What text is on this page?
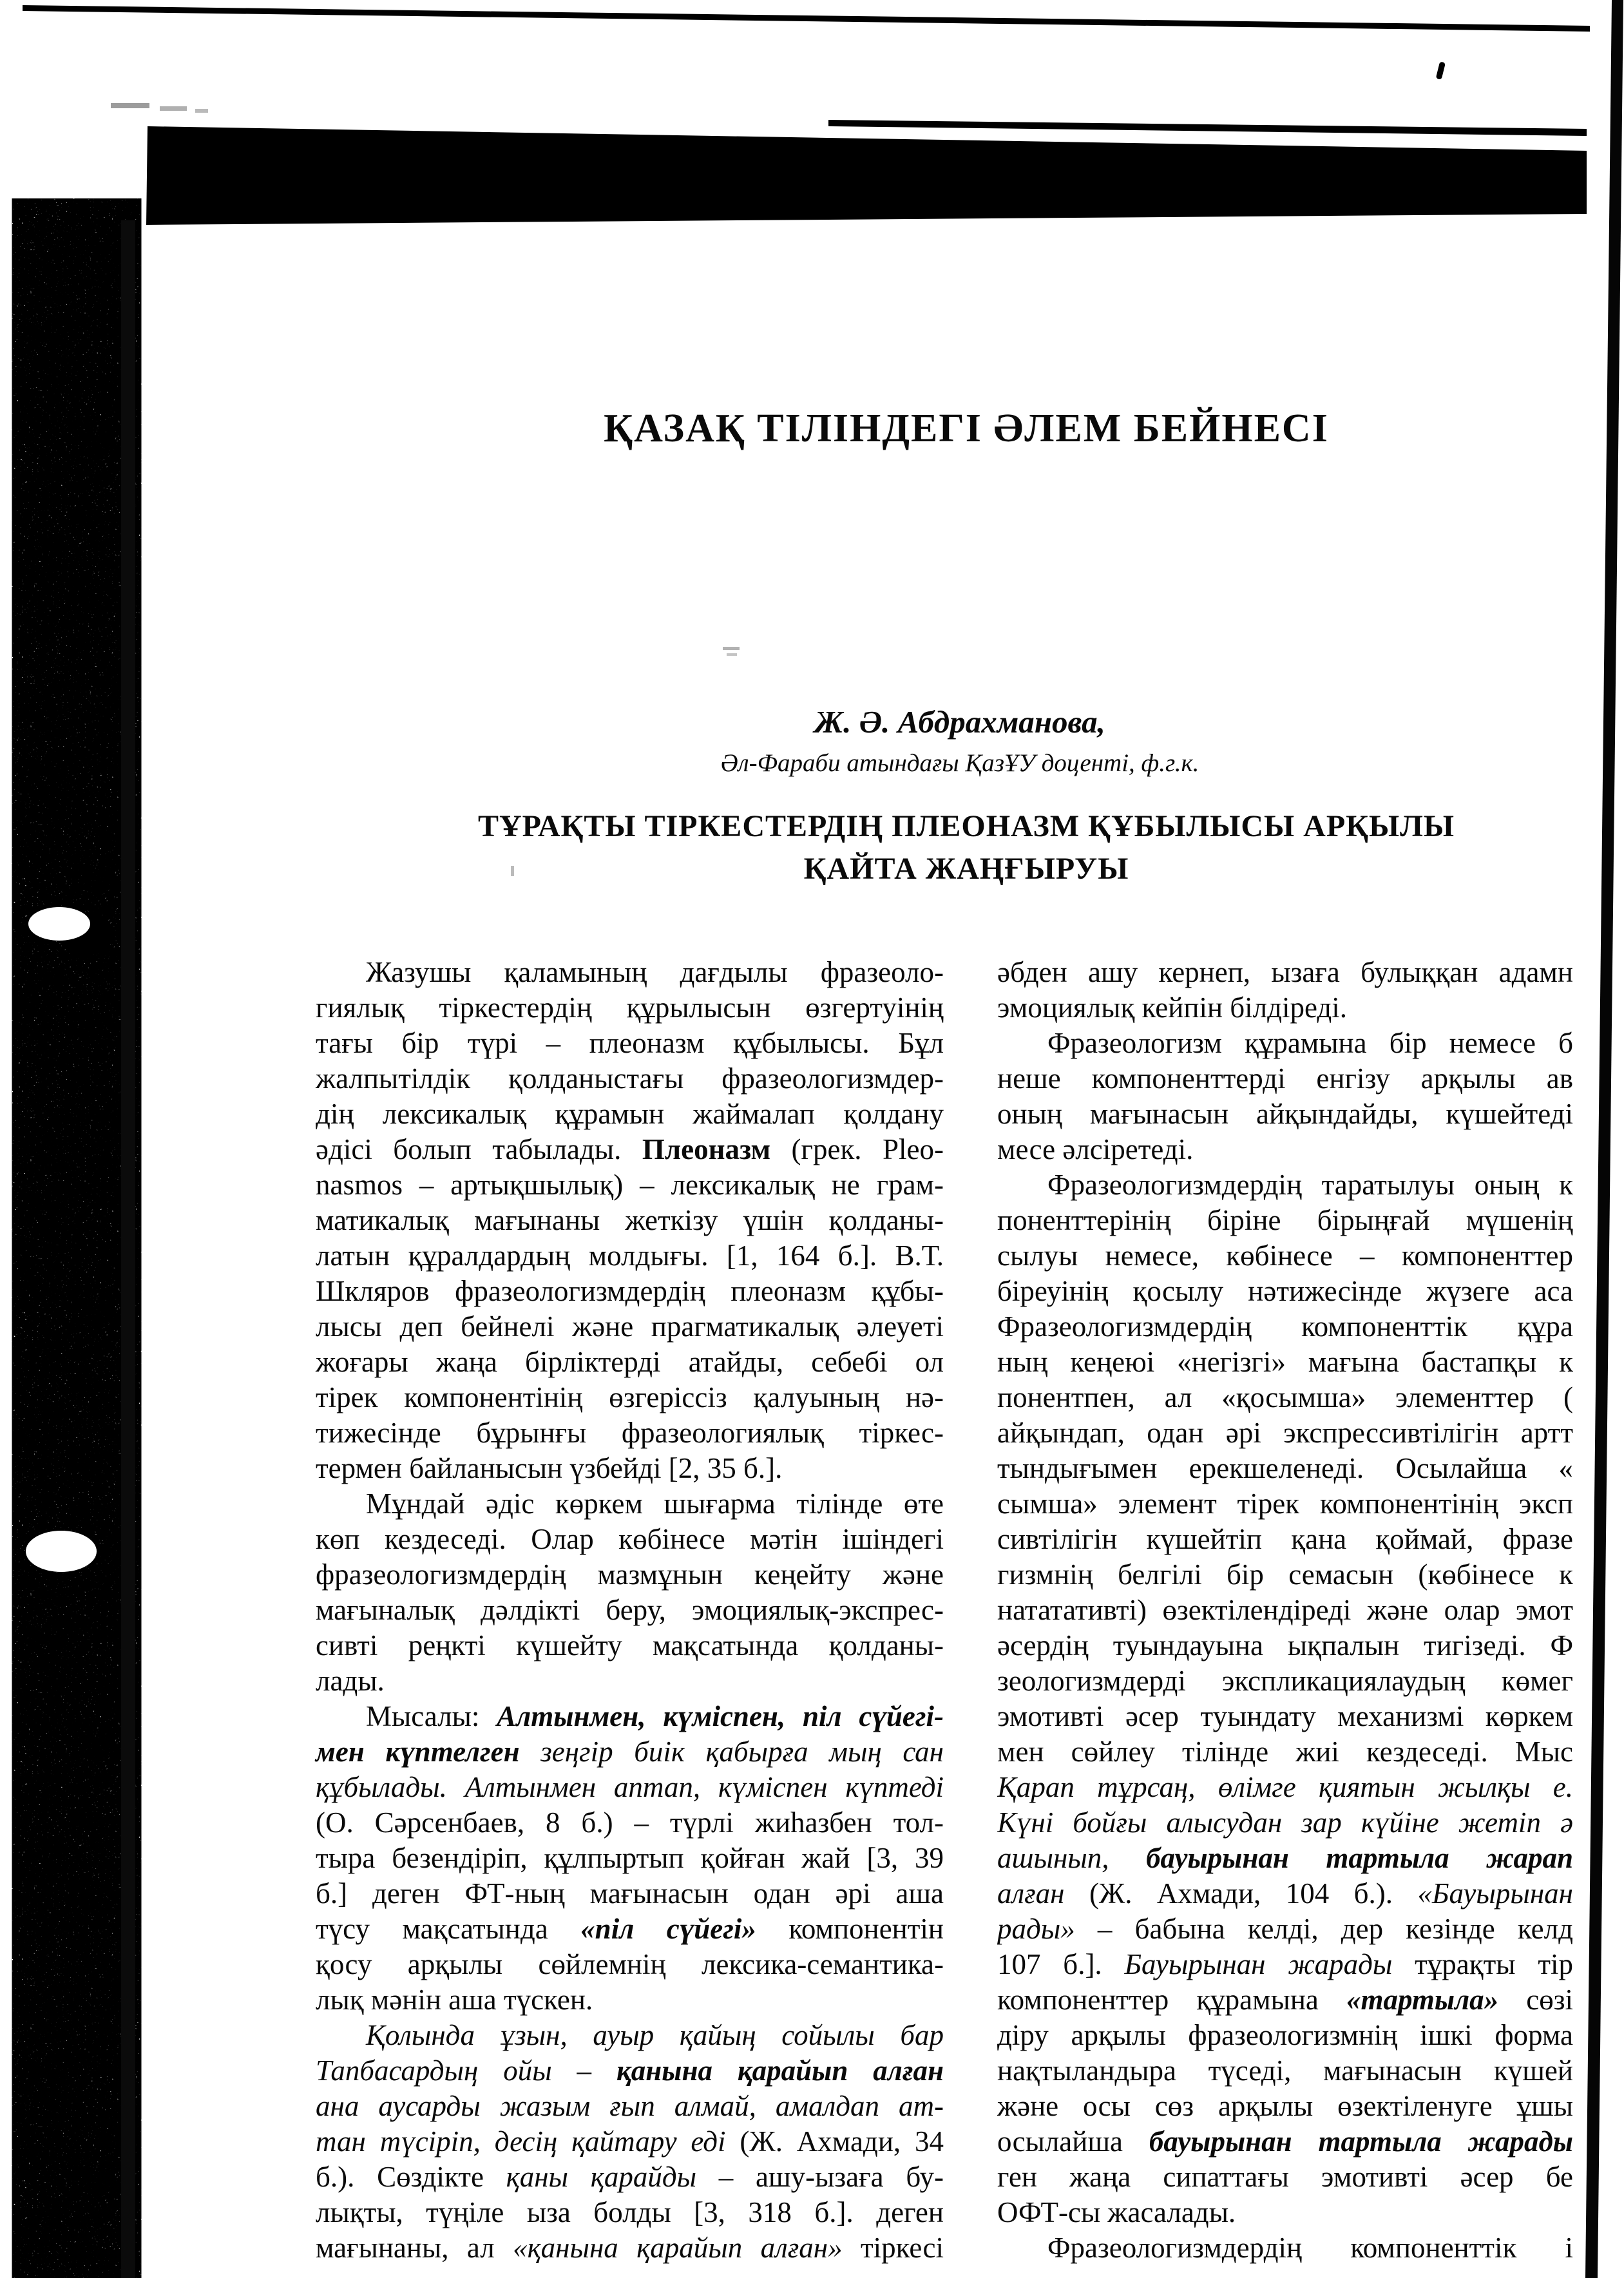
ҚАЗАҚ ТІЛІНДЕГІ ӘЛЕМ БЕЙНЕСІ
Ж. Ә. Абдрахманова,
Әл-Фараби атындағы ҚазҰУ доценті, ф.г.к.
ТҰРАҚТЫ ТІРКЕСТЕРДІҢ ПЛЕОНАЗМ ҚҰБЫЛЫСЫ АРҚЫЛЫ
ҚАЙТА ЖАҢҒЫРУЫ
Жазушы қаламының дағдылы фразеоло-
гиялық тіркестердің құрылысын өзгертуінің
тағы бір түрі – плеоназм құбылысы. Бұл
жалпытілдік қолданыстағы фразеологизмдер-
дің лексикалық құрамын жаймалап қолдану
әдісі болып табылады. Плеоназм (грек. Pleo-
nasmos – артықшылық) – лексикалық не грам-
матикалық мағынаны жеткізу үшін қолданы-
латын құралдардың молдығы. [1, 164 б.]. В.Т.
Шкляров фразеологизмдердің плеоназм құбы-
лысы деп бейнелі және прагматикалық әлеуеті
жоғары жаңа бірліктерді атайды, себебі ол
тірек компонентінің өзгеріссіз қалуының нә-
тижесінде бұрынғы фразеологиялық тіркес-
термен байланысын үзбейді [2, 35 б.].
Мұндай әдіс көркем шығарма тілінде өте
көп кездеседі. Олар көбінесе мәтін ішіндегі
фразеологизмдердің мазмұнын кеңейту және
мағыналық дәлдікті беру, эмоциялық-экспрес-
сивті реңкті күшейту мақсатында қолданы-
лады.
Мысалы: Алтынмен, күміспен, піл сүйегі-
мен күптелген зеңгір биік қабырға мың сан
құбылады. Алтынмен аптап, күміспен күптеді
(О. Сәрсенбаев, 8 б.) – түрлі жиһазбен тол-
тыра безендіріп, құлпыртып қойған жай [3, 39
б.] деген ФТ-ның мағынасын одан әрі аша
түсу мақсатында «піл сүйегі» компонентін
қосу арқылы сөйлемнің лексика-семантика-
лық мәнін аша түскен.
Қолында ұзын, ауыр қайың сойылы бар
Тапбасардың ойы – қанына қарайып алған
ана аусарды жазым ғып алмай, амалдап ат-
тан түсіріп, десің қайтару еді (Ж. Ахмади, 34
б.). Сөздікте қаны қарайды – ашу-ызаға бу-
лықты, түңіле ыза болды [3, 318 б.]. деген
мағынаны, ал «қанына қарайып алған» тіркесі
әбден ашу кернеп, ызаға булыққан адамн
эмоциялық кейпін білдіреді.
Фразеологизм құрамына бір немесе б
неше компоненттерді енгізу арқылы ав
оның мағынасын айқындайды, күшейтеді
месе әлсіретеді.
Фразеологизмдердің таратылуы оның к
поненттерінің біріне бірыңғай мүшенің
сылуы немесе, көбінесе – компоненттер
біреуінің қосылу нәтижесінде жүзеге аса
Фразеологизмдердің компоненттік құра
ның кеңеюі «негізгі» мағына бастапқы к
понентпен, ал «қосымша» элементтер (
айқындап, одан әрі экспрессивтілігін артт
тындығымен ерекшеленеді. Осылайша «
сымша» элемент тірек компонентінің эксп
сивтілігін күшейтіп қана қоймай, фразе
гизмнің белгілі бір семасын (көбінесе к
нататативті) өзектілендіреді және олар эмот
әсердің туындауына ықпалын тигізеді. Ф
зеологизмдерді экспликациялаудың көмег
эмотивті әсер туындату механизмі көркем
мен сөйлеу тілінде жиі кездеседі. Мыс
Қарап тұрсаң, өлімге қиятын жылқы е.
Күні бойғы алысудан зар күйіне жетіп ә
ашынып, бауырынан тартыла жарап
алған (Ж. Ахмади, 104 б.). «Бауырынан
рады» – бабына келді, дер кезінде келд
107 б.]. Бауырынан жарады тұрақты тір
компоненттер құрамына «тартыла» сөзі
діру арқылы фразеологизмнің ішкі форма
нақтыландыра түседі, мағынасын күшей
және осы сөз арқылы өзектіленуге ұшы
осылайша бауырынан тартыла жарады
ген жаңа сипаттағы эмотивті әсер бе
ОФТ-сы жасалады.
Фразеологизмдердің компоненттік і
